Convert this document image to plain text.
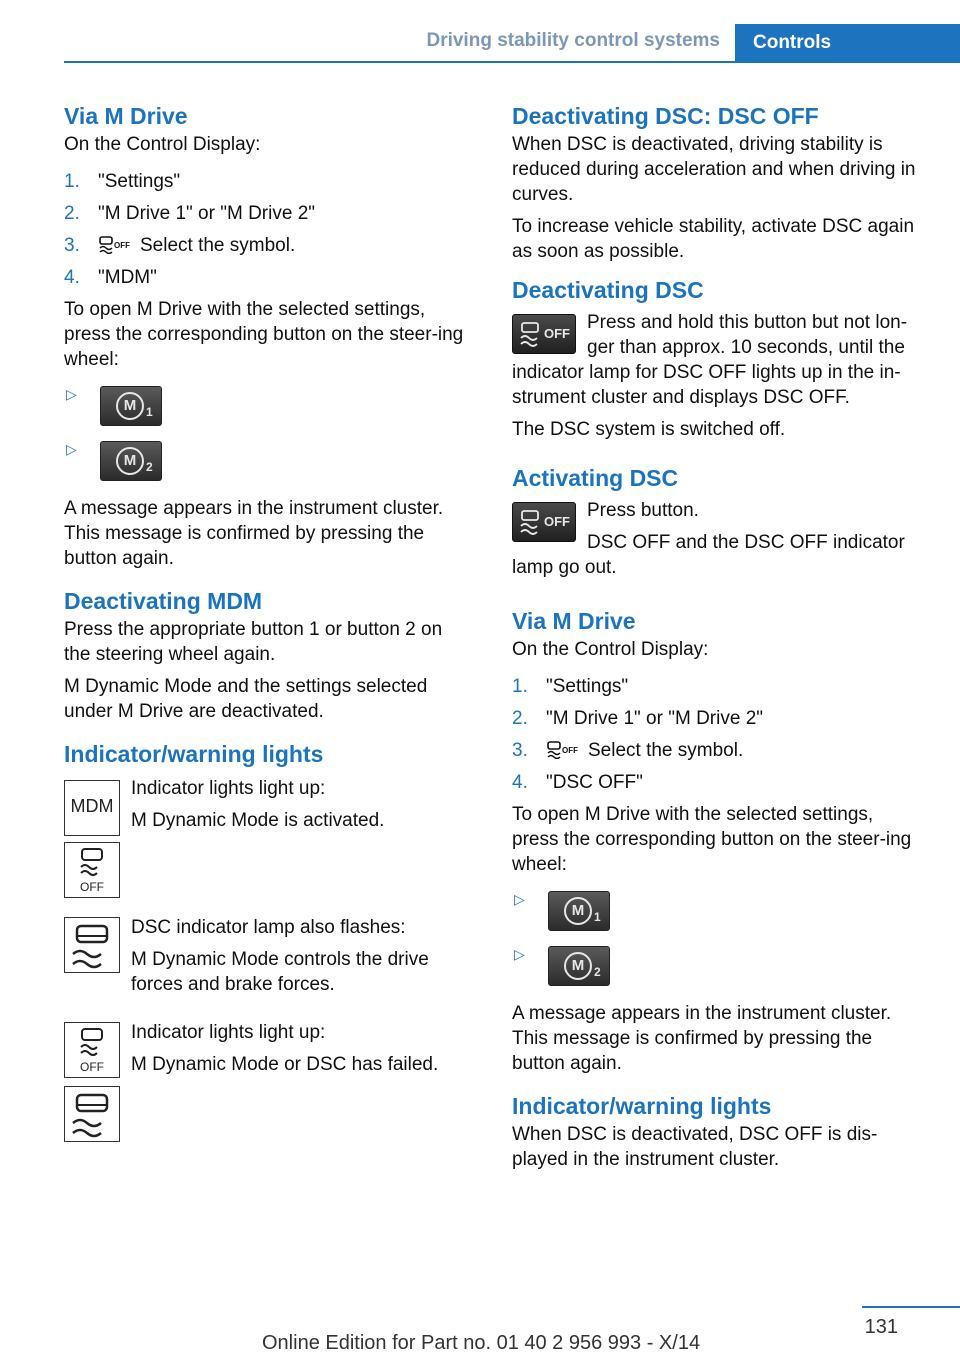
Driving stability control systems Controls
Via M Drive

On the Control Display:

1. "Settings"
2. "M Drive 1" or "M Drive 2"
3.	OFF Select the symbol.
4. "MDM"

To open M Drive with the selected settings, press the corresponding button on the steer‐ing wheel:

▷
M 1
▷
M 2

A message appears in the instrument cluster. This message is confirmed by pressing the button again.

Deactivating MDM

Press the appropriate button 1 or button 2 on the steering wheel again.

M Dynamic Mode and the settings selected under M Drive are deactivated.

Indicator/warning lights
MDM
Indicator lights light up:
M Dynamic Mode is activated.
OFF
DSC indicator lamp also flashes:
M Dynamic Mode controls the drive forces and brake forces.
OFF
Indicator lights light up:
M Dynamic Mode or DSC has failed.
Deactivating DSC: DSC OFF

When DSC is deactivated, driving stability is reduced during acceleration and when driving in curves.

To increase vehicle stability, activate DSC again as soon as possible.

Deactivating DSC
OFF

Press and hold this button but not lon‐ger than approx. 10 seconds, until the indicator lamp for DSC OFF lights up in the in‐strument cluster and displays DSC OFF.

The DSC system is switched off.

Activating DSC
OFF

Press button.

DSC OFF and the DSC OFF indicator lamp go out.

Via M Drive

On the Control Display:

1. "Settings"
2. "M Drive 1" or "M Drive 2"
3.	OFF Select the symbol.
4. "DSC OFF"

To open M Drive with the selected settings, press the corresponding button on the steer‐ing wheel:

▷
M 1
▷
M 2

A message appears in the instrument cluster. This message is confirmed by pressing the button again.

Indicator/warning lights

When DSC is deactivated, DSC OFF is dis‐played in the instrument cluster.

131
Online Edition for Part no. 01 40 2 956 993 - X/14
